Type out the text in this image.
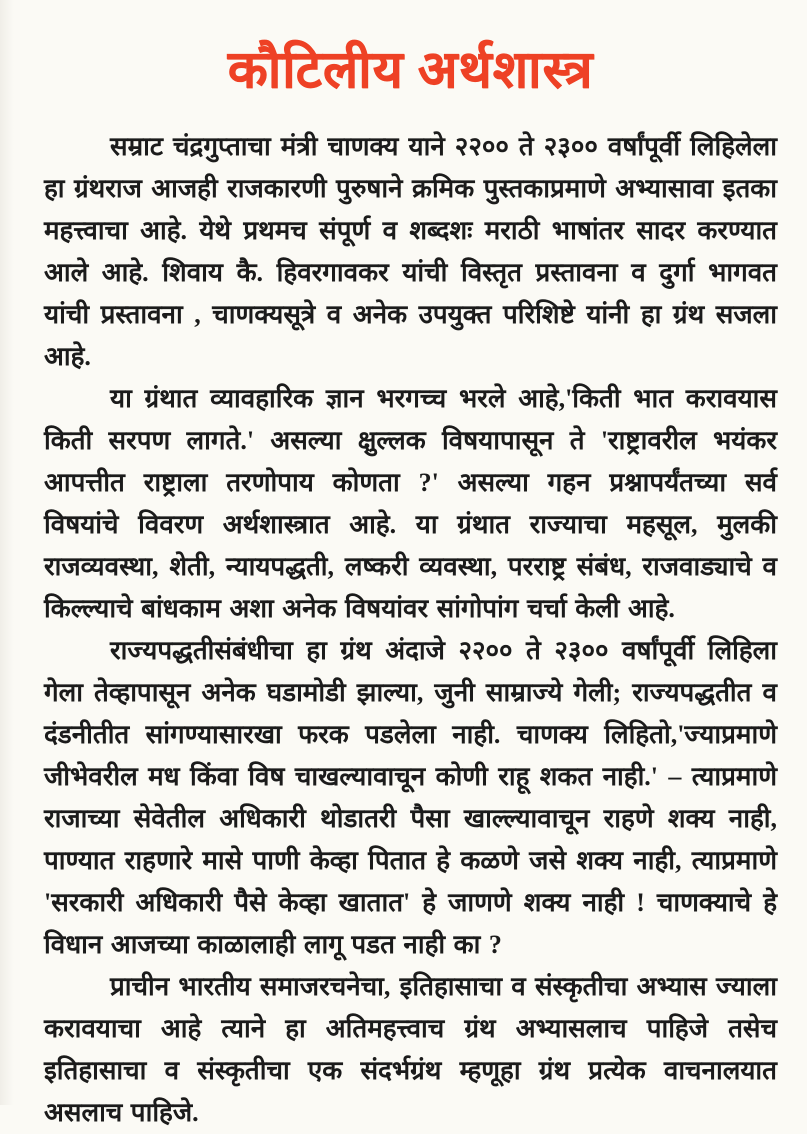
कौटिलीय अर्थशास्त्र

सम्राट चंद्रगुप्ताचा मंत्री चाणक्य याने २२०० ते २३०० वर्षांपूर्वी लिहिलेला हा ग्रंथराज आजही राजकारणी पुरुषाने क्रमिक पुस्तकाप्रमाणे अभ्यासावा इतका महत्त्वाचा आहे. येथे प्रथमच संपूर्ण व शब्दशः मराठी भाषांतर सादर करण्यात आले आहे. शिवाय कै. हिवरगावकर यांची विस्तृत प्रस्तावना व दुर्गा भागवत यांची प्रस्तावना , चाणक्यसूत्रे व अनेक उपयुक्त परिशिष्टे यांनी हा ग्रंथ सजला आहे.

या ग्रंथात व्यावहारिक ज्ञान भरगच्च भरले आहे,'किती भात करावयास किती सरपण लागते.' असल्या क्षुल्लक विषयापासून ते 'राष्ट्रावरील भयंकर आपत्तीत राष्ट्राला तरणोपाय कोणता ?' असल्या गहन प्रश्नापर्यंतच्या सर्व विषयांचे विवरण अर्थशास्त्रात आहे. या ग्रंथात राज्याचा महसूल, मुलकी राजव्यवस्था, शेती, न्यायपद्धती, लष्करी व्यवस्था, परराष्ट्र संबंध, राजवाड्याचे व किल्ल्याचे बांधकाम अशा अनेक विषयांवर सांगोपांग चर्चा केली आहे.

राज्यपद्धतीसंबंधीचा हा ग्रंथ अंदाजे २२०० ते २३०० वर्षांपूर्वी लिहिला गेला तेव्हापासून अनेक घडामोडी झाल्या, जुनी साम्राज्ये गेली; राज्यपद्धतीत व दंडनीतीत सांगण्यासारखा फरक पडलेला नाही. चाणक्य लिहितो,'ज्याप्रमाणे जीभेवरील मध किंवा विष चाखल्यावाचून कोणी राहू शकत नाही.' – त्याप्रमाणे राजाच्या सेवेतील अधिकारी थोडातरी पैसा खाल्ल्यावाचून राहणे शक्य नाही, पाण्यात राहणारे मासे पाणी केव्हा पितात हे कळणे जसे शक्य नाही, त्याप्रमाणे 'सरकारी अधिकारी पैसे केव्हा खातात' हे जाणणे शक्य नाही ! चाणक्याचे हे विधान आजच्या काळालाही लागू पडत नाही का ?

प्राचीन भारतीय समाजरचनेचा, इतिहासाचा व संस्कृतीचा अभ्यास ज्याला करावयाचा आहे त्याने हा अतिमहत्त्वाच ग्रंथ अभ्यासलाच पाहिजे तसेच इतिहासाचा व संस्कृतीचा एक संदर्भग्रंथ म्हणूहा ग्रंथ प्रत्येक वाचनालयात असलाच पाहिजे.
